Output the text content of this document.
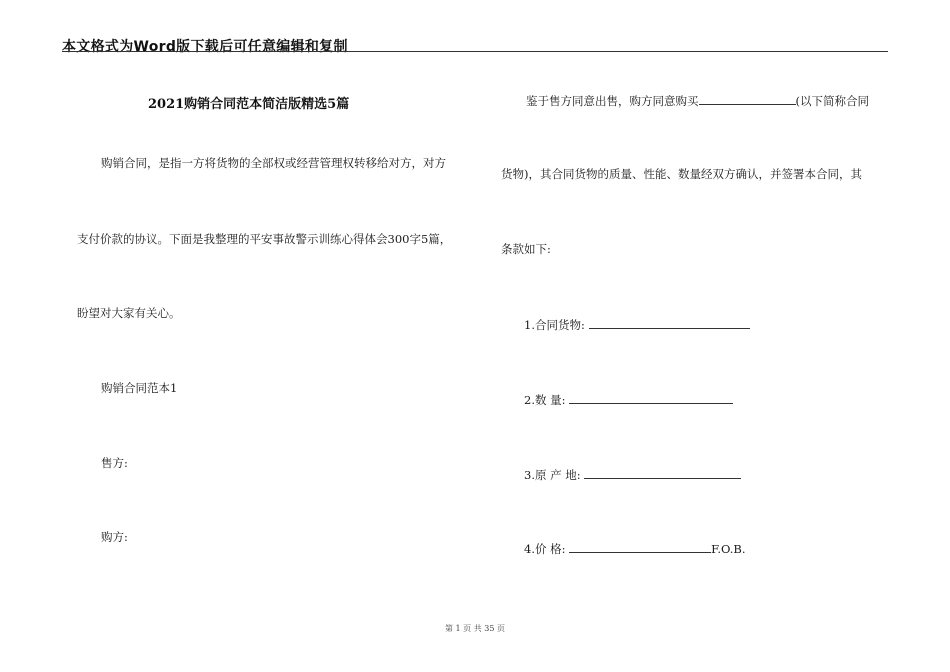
本文格式为Word版下载后可任意编辑和复制
2021购销合同范本简洁版精选5篇
购销合同，是指一方将货物的全部权或经营管理权转移给对方，对方
支付价款的协议。下面是我整理的平安事故警示训练心得体会300字5篇，
盼望对大家有关心。
购销合同范本1
售方:
购方:
鉴于售方同意出售，购方同意购买	(以下简称合同
货物)，其合同货物的质量、性能、数量经双方确认，并签署本合同，其
条款如下:
1.合同货物:
2.数 量:
3.原 产 地:
4.价 格:	F.O.B.
第 1 页 共 35 页
